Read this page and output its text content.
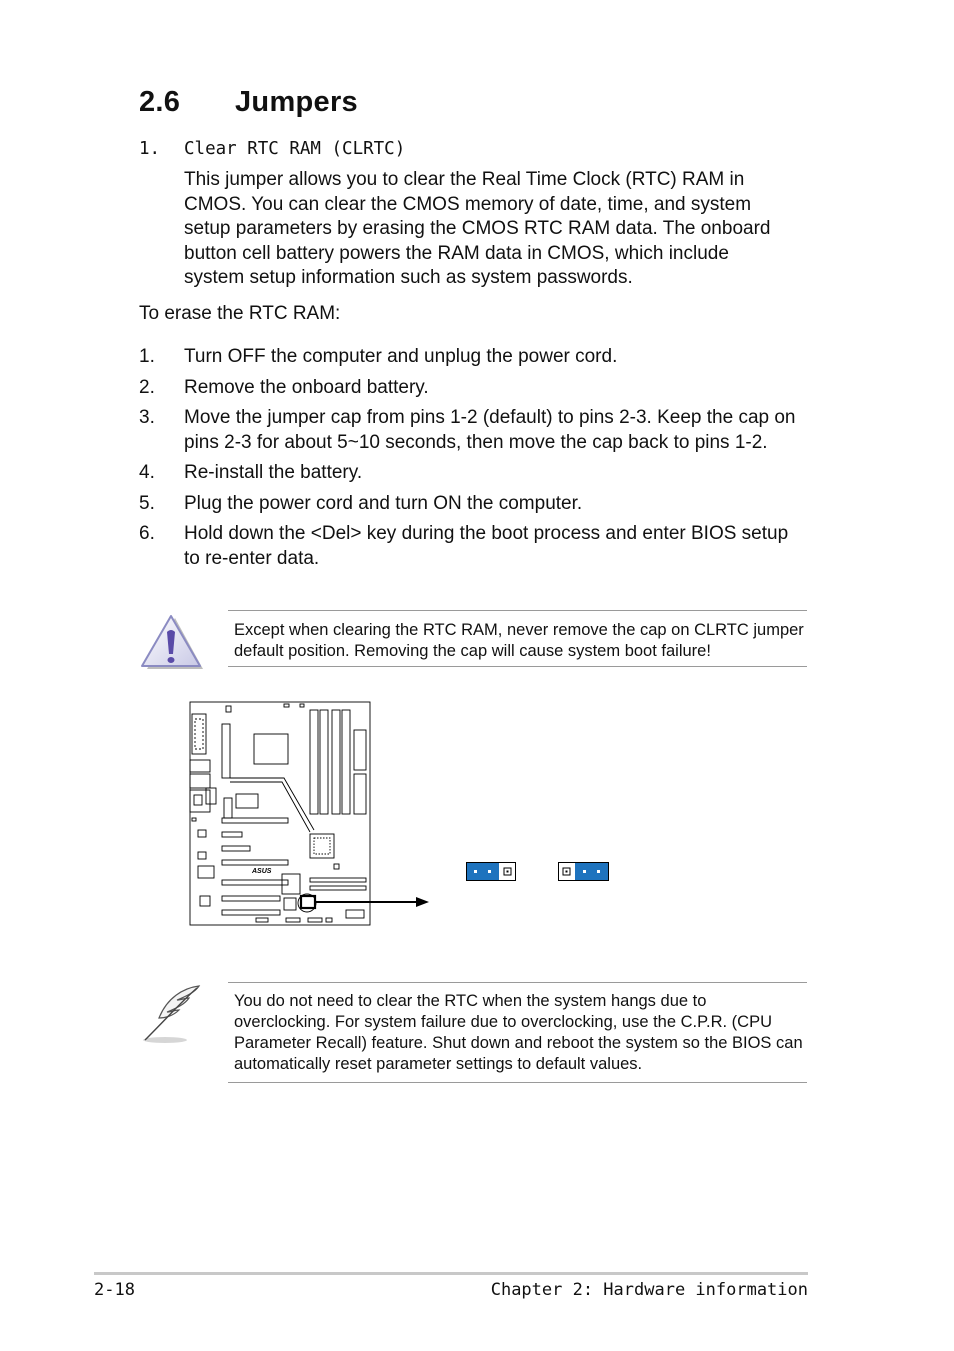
2.6 Jumpers
1. Clear RTC RAM (CLRTC)
This jumper allows you to clear the Real Time Clock (RTC) RAM in CMOS. You can clear the CMOS memory of date, time, and system setup parameters by erasing the CMOS RTC RAM data. The onboard button cell battery powers the RAM data in CMOS, which include system setup information such as system passwords.
To erase the RTC RAM:
1. Turn OFF the computer and unplug the power cord.
2. Remove the onboard battery.
3. Move the jumper cap from pins 1-2 (default) to pins 2-3. Keep the cap on pins 2-3 for about 5~10 seconds, then move the cap back to pins 1-2.
4. Re-install the battery.
5. Plug the power cord and turn ON the computer.
6. Hold down the <Del> key during the boot process and enter BIOS setup to re-enter data.
Except when clearing the RTC RAM, never remove the cap on CLRTC jumper default position. Removing the cap will cause system boot failure!
ASUS
You do not need to clear the RTC when the system hangs due to overclocking. For system failure due to overclocking, use the C.P.R. (CPU Parameter Recall) feature. Shut down and reboot the system so the BIOS can automatically reset parameter settings to default values.
2-18	Chapter 2: Hardware information
